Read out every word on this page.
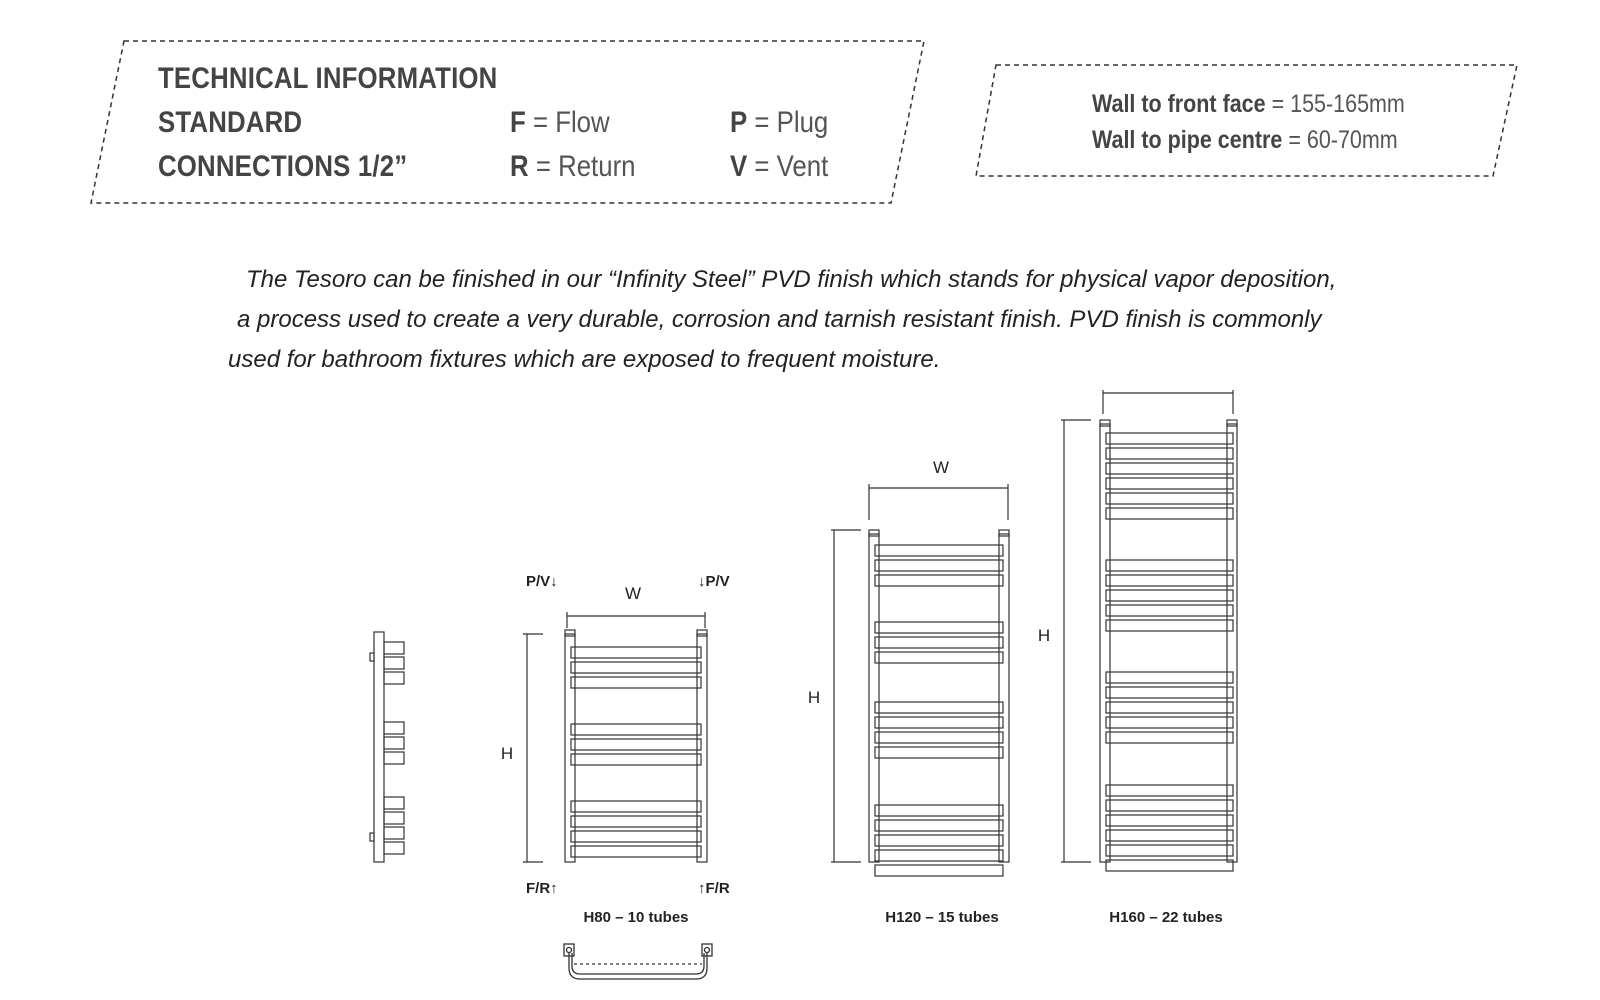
TECHNICAL INFORMATION
STANDARD
CONNECTIONS 1/2”
F = Flow	P = Plug
R = Return	V = Vent
Wall to front face = 155-165mm
Wall to pipe centre = 60-70mm
The Tesoro can be finished in our “Infinity Steel” PVD finish which stands for physical vapor deposition,
a process used to create a very durable, corrosion and tarnish resistant finish. PVD finish is commonly
used for bathroom fixtures which are exposed to frequent moisture.
W
H
P/V↓	↓P/V
F/R↑	↑F/R
H80 – 10 tubes
W
H
H120 – 15 tubes
H
H160 – 22 tubes
